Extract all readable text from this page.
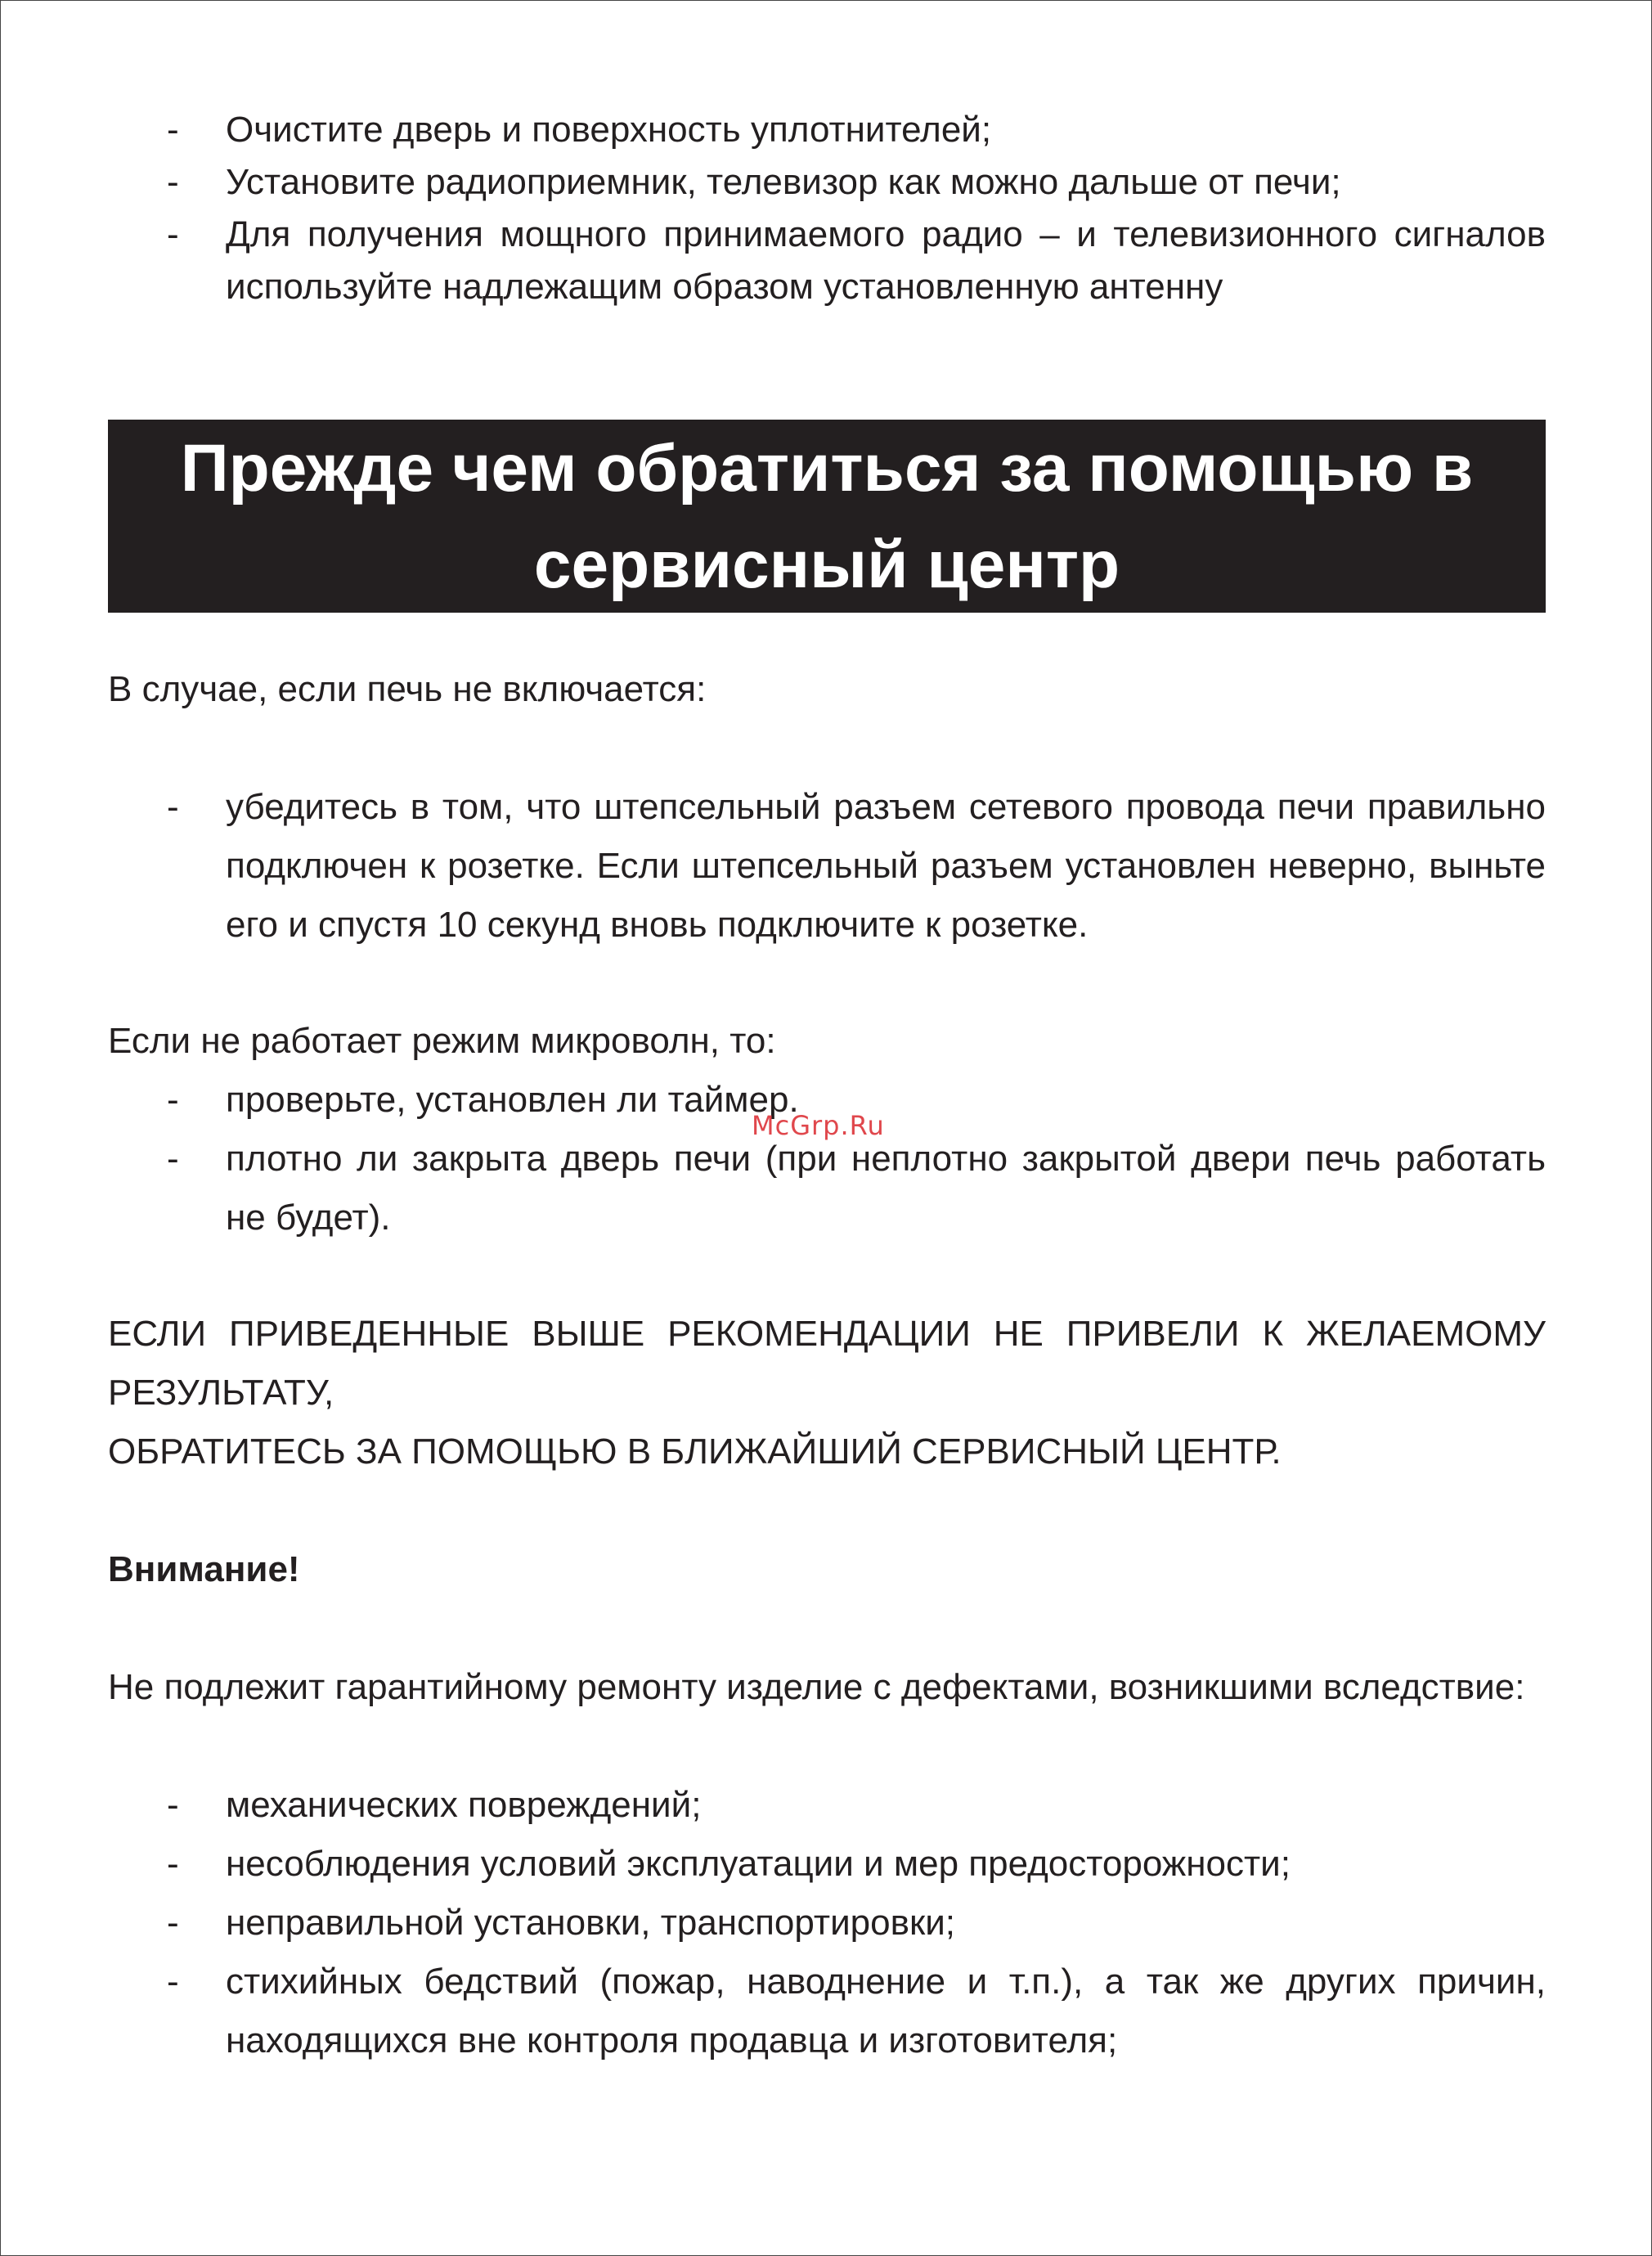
- Очистите дверь и поверхность уплотнителей;
- Установите радиоприемник, телевизор как можно дальше от печи;
- Для получения мощного принимаемого радио – и телевизионного сигналов используйте надлежащим образом установленную антенну
Прежде чем обратиться за помощью в
сервисный центр

В случае, если печь не включается:

- убедитесь в том, что штепсельный разъем сетевого провода печи правильно подключен к розетке. Если штепсельный разъем установлен неверно, выньте его и спустя 10 секунд вновь подключите к розетке.

Если не работает режим микроволн, то:

- проверьте, установлен ли таймер.
- плотно ли закрыта дверь печи (при неплотно закрытой двери печь работать не будет).

ЕСЛИ ПРИВЕДЕННЫЕ ВЫШЕ РЕКОМЕНДАЦИИ НЕ ПРИВЕЛИ К ЖЕЛАЕМОМУ РЕЗУЛЬТАТУ,

ОБРАТИТЕСЬ ЗА ПОМОЩЬЮ В БЛИЖАЙШИЙ СЕРВИСНЫЙ ЦЕНТР.

Внимание!

Не подлежит гарантийному ремонту изделие с дефектами, возникшими вследствие:

- механических повреждений;
- несоблюдения условий эксплуатации и мер предосторожности;
- неправильной установки, транспортировки;
- стихийных бедствий (пожар, наводнение и т.п.), а так же других причин, находящихся вне контроля продавца и изготовителя;
McGrp.Ru
